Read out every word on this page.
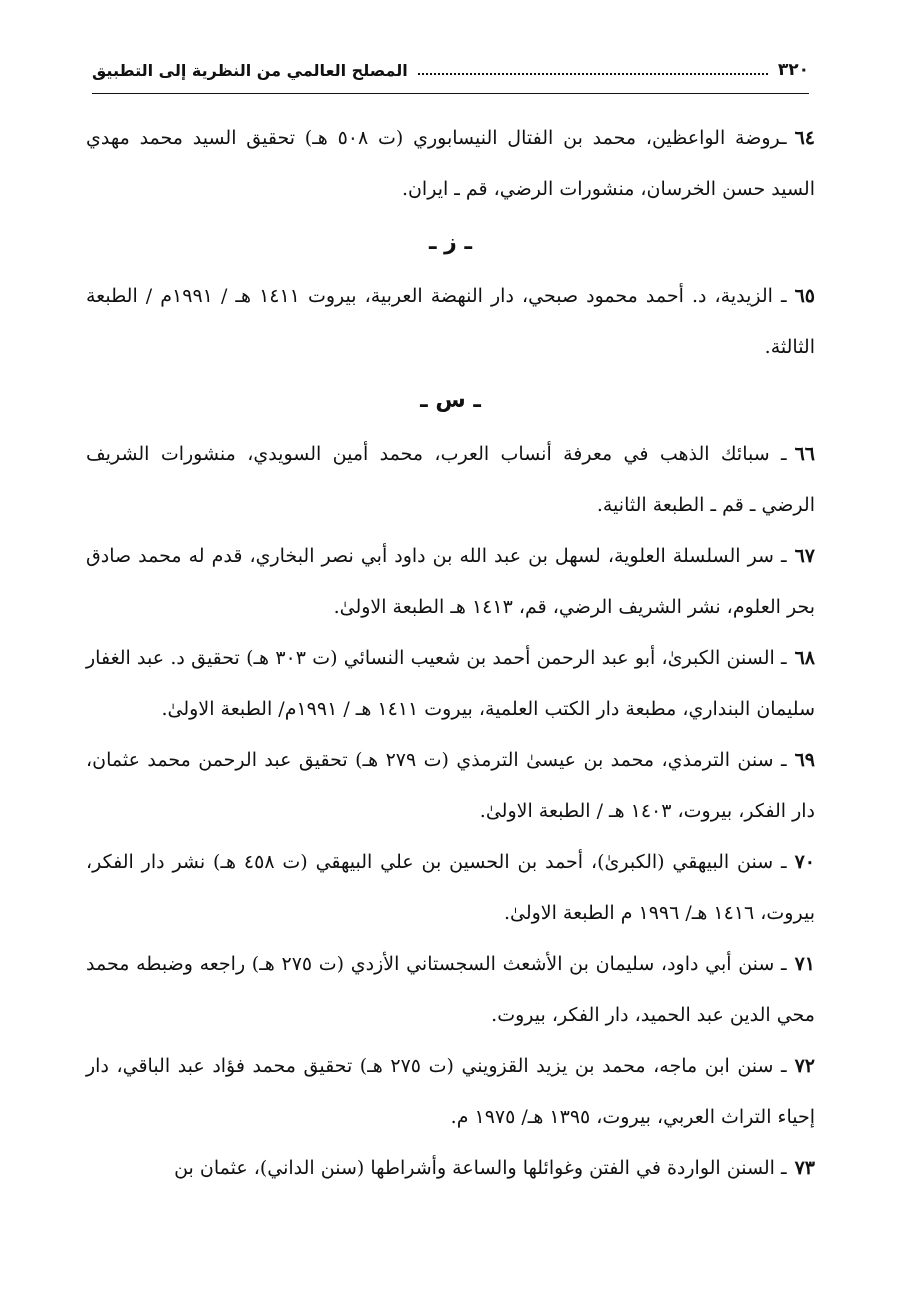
٣٢٠
المصلح العالمي من النظرية إلى التطبيق

٦٤ـروضة الواعظين، محمد بن الفتال النيسابوري (ت ٥٠٨ هـ) تحقيق السيد محمد مهدي السيد حسن الخرسان، منشورات الرضي، قم ـ ايران.

ـ ز ـ

٦٥ـ الزيدية، د. أحمد محمود صبحي، دار النهضة العربية، بيروت ١٤١١ هـ / ١٩٩١م / الطبعة الثالثة.

ـ س ـ

٦٦ـ سبائك الذهب في معرفة أنساب العرب، محمد أمين السويدي، منشورات الشريف الرضي ـ قم ـ الطبعة الثانية.

٦٧ـ سر السلسلة العلوية، لسهل بن عبد الله بن داود أبي نصر البخاري، قدم له محمد صادق بحر العلوم، نشر الشريف الرضي، قم، ١٤١٣ هـ الطبعة الاولىٰ.

٦٨ـ السنن الكبرىٰ، أبو عبد الرحمن أحمد بن شعيب النسائي (ت ٣٠٣ هـ) تحقيق د. عبد الغفار سليمان البنداري، مطبعة دار الكتب العلمية، بيروت ١٤١١ هـ / ١٩٩١م/ الطبعة الاولىٰ.

٦٩ـ سنن الترمذي، محمد بن عيسىٰ الترمذي (ت ٢٧٩ هـ) تحقيق عبد الرحمن محمد عثمان، دار الفكر، بيروت، ١٤٠٣ هـ / الطبعة الاولىٰ.

٧٠ـ سنن البيهقي (الكبرىٰ)، أحمد بن الحسين بن علي البيهقي (ت ٤٥٨ هـ) نشر دار الفكر، بيروت، ١٤١٦ هـ/ ١٩٩٦ م الطبعة الاولىٰ.

٧١ـ سنن أبي داود، سليمان بن الأشعث السجستاني الأزدي (ت ٢٧٥ هـ) راجعه وضبطه محمد محي الدين عبد الحميد، دار الفكر، بيروت.

٧٢ـ سنن ابن ماجه، محمد بن يزيد القزويني (ت ٢٧٥ هـ) تحقيق محمد فؤاد عبد الباقي، دار إحياء التراث العربي، بيروت، ١٣٩٥ هـ/ ١٩٧٥ م.

٧٣ـ السنن الواردة في الفتن وغوائلها والساعة وأشراطها (سنن الداني)، عثمان بن
